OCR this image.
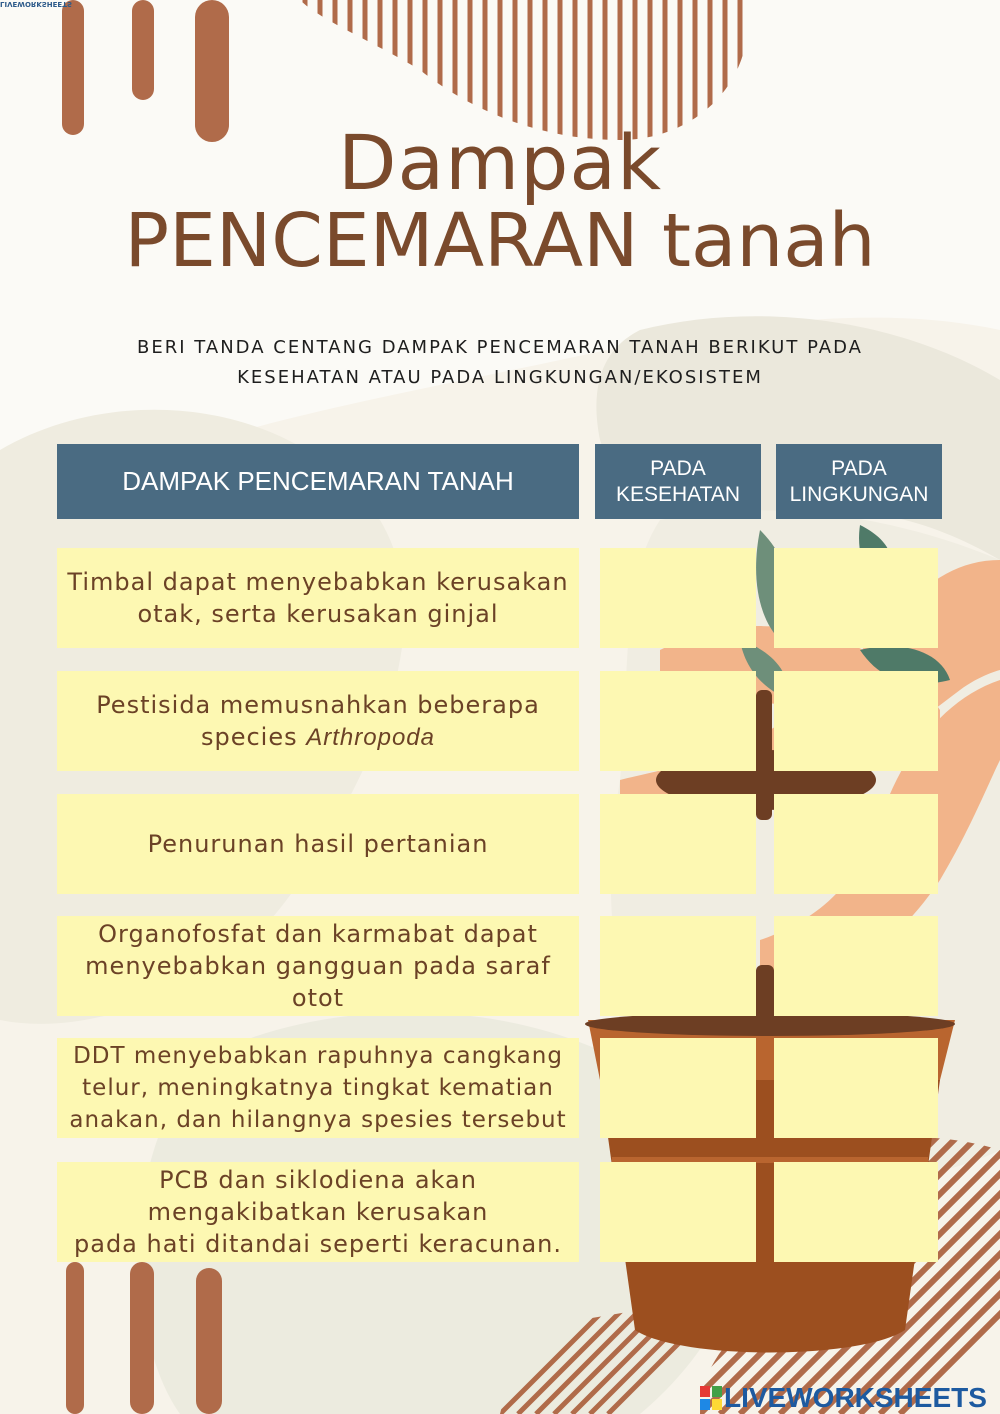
LIVEWORKSHEETS
Dampak
PENCEMARAN tanah
BERI TANDA CENTANG DAMPAK PENCEMARAN TANAH BERIKUT PADA
KESEHATAN ATAU PADA LINGKUNGAN/EKOSISTEM
DAMPAK PENCEMARAN TANAH	PADA
KESEHATAN
PADA
LINGKUNGAN
Timbal dapat menyebabkan kerusakan
otak, serta kerusakan ginjal
Pestisida memusnahkan beberapa
species Arthropoda
Penurunan hasil pertanian
Organofosfat dan karmabat dapat
menyebabkan gangguan pada saraf
otot
DDT menyebabkan rapuhnya cangkang
telur, meningkatnya tingkat kematian
anakan, dan hilangnya spesies tersebut
PCB dan siklodiena akan
mengakibatkan kerusakan
pada hati ditandai seperti keracunan.
LIVEWORKSHEETS
